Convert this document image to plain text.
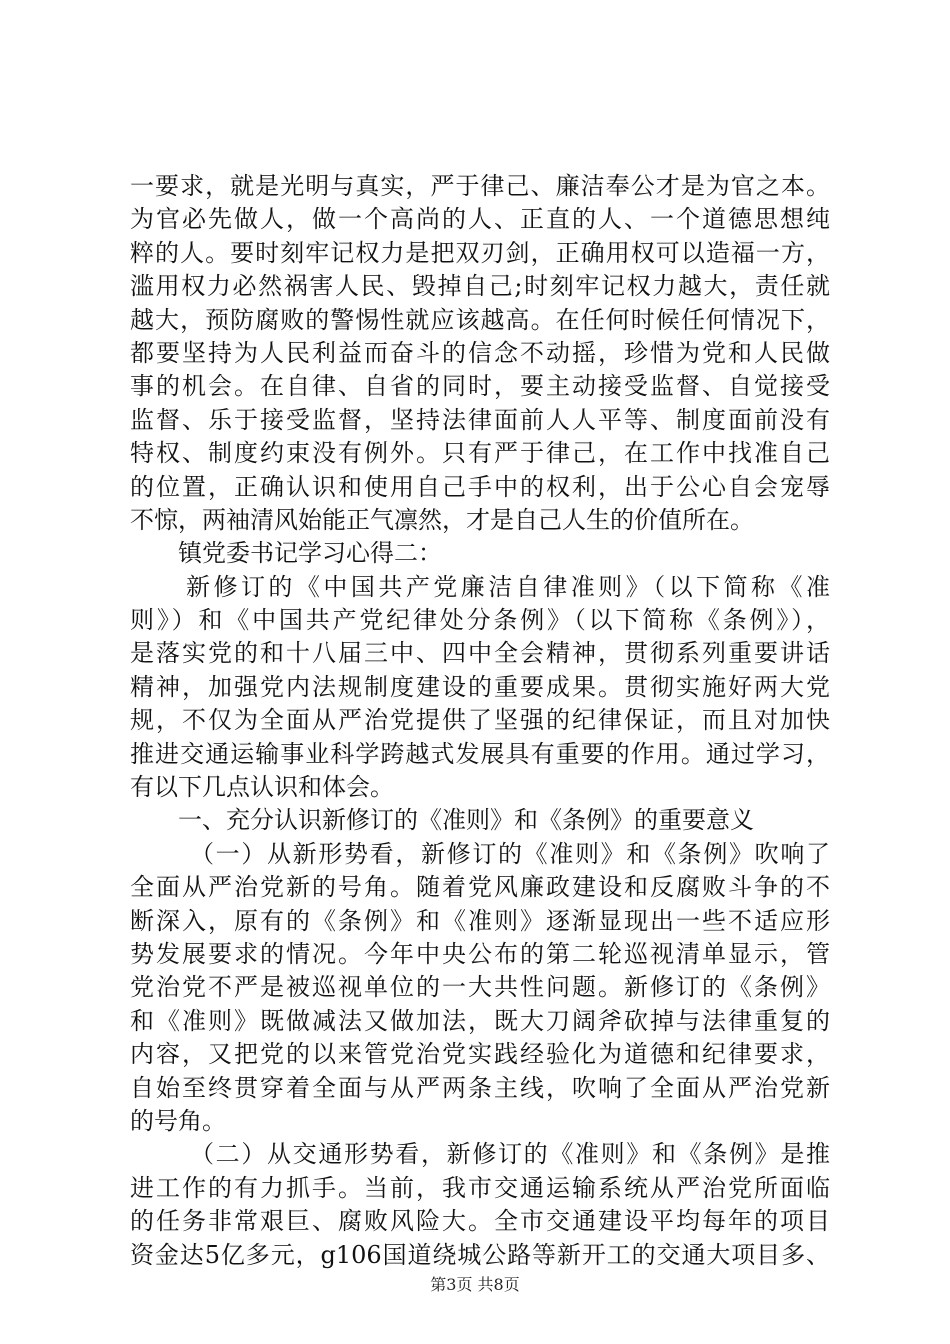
一要求，就是光明与真实，严于律己、廉洁奉公才是为官之本。
为官必先做人，做一个高尚的人、正直的人、一个道德思想纯
粹的人。要时刻牢记权力是把双刃剑，正确用权可以造福一方，
滥用权力必然祸害人民、毁掉自己;时刻牢记权力越大，责任就
越大，预防腐败的警惕性就应该越高。在任何时候任何情况下，
都要坚持为人民利益而奋斗的信念不动摇，珍惜为党和人民做
事的机会。在自律、自省的同时，要主动接受监督、自觉接受
监督、乐于接受监督，坚持法律面前人人平等、制度面前没有
特权、制度约束没有例外。只有严于律己，在工作中找准自己
的位置，正确认识和使用自己手中的权利，出于公心自会宠辱
不惊，两袖清风始能正气凛然，才是自己人生的价值所在。
镇党委书记学习心得二：
新修订的《中国共产党廉洁自律准则》（以下简称《准
则》）和《中国共产党纪律处分条例》（以下简称《条例》），
是落实党的和十八届三中、四中全会精神，贯彻系列重要讲话
精神，加强党内法规制度建设的重要成果。贯彻实施好两大党
规，不仅为全面从严治党提供了坚强的纪律保证，而且对加快
推进交通运输事业科学跨越式发展具有重要的作用。通过学习，
有以下几点认识和体会。
一、充分认识新修订的《准则》和《条例》的重要意义
（一）从新形势看，新修订的《准则》和《条例》吹响了
全面从严治党新的号角。随着党风廉政建设和反腐败斗争的不
断深入，原有的《条例》和《准则》逐渐显现出一些不适应形
势发展要求的情况。今年中央公布的第二轮巡视清单显示，管
党治党不严是被巡视单位的一大共性问题。新修订的《条例》
和《准则》既做减法又做加法，既大刀阔斧砍掉与法律重复的
内容，又把党的以来管党治党实践经验化为道德和纪律要求，
自始至终贯穿着全面与从严两条主线，吹响了全面从严治党新
的号角。
（二）从交通形势看，新修订的《准则》和《条例》是推
进工作的有力抓手。当前，我市交通运输系统从严治党所面临
的任务非常艰巨、腐败风险大。全市交通建设平均每年的项目
资金达5亿多元，g106国道绕城公路等新开工的交通大项目多、
第3页 共8页
